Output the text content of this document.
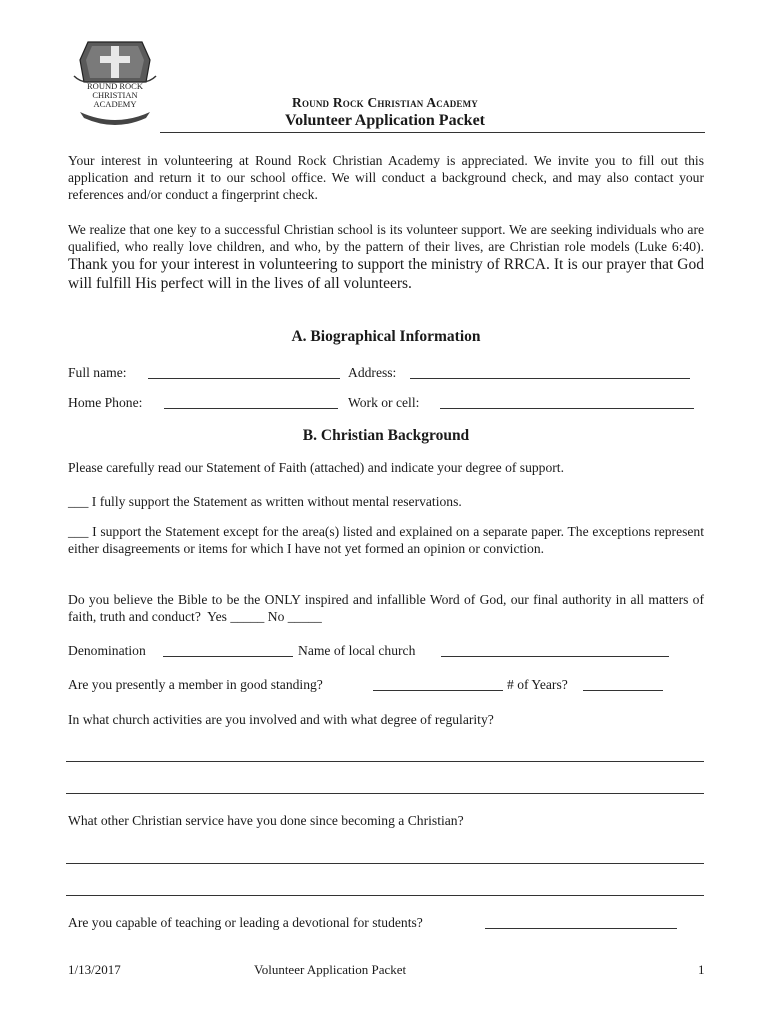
ROUND ROCK
CHRISTIAN
ACADEMY	Round Rock Christian Academy
Volunteer Application Packet

Your interest in volunteering at Round Rock Christian Academy is appreciated. We invite you to fill out this application and return it to our school office. We will conduct a background check, and may also contact your references and/or conduct a fingerprint check.

We realize that one key to a successful Christian school is its volunteer support. We are seeking individuals who are qualified, who really love children, and who, by the pattern of their lives, are Christian role models (Luke 6:40). Thank you for your interest in volunteering to support the ministry of RRCA. It is our prayer that God will fulfill His perfect will in the lives of all volunteers.

A. Biographical Information
Full name:	Address:
Home Phone:	Work or cell:
B. Christian Background

Please carefully read our Statement of Faith (attached) and indicate your degree of support.

___ I fully support the Statement as written without mental reservations.

___ I support the Statement except for the area(s) listed and explained on a separate paper. The exceptions represent either disagreements or items for which I have not yet formed an opinion or conviction.

Do you believe the Bible to be the ONLY inspired and infallible Word of God, our final authority in all matters of faith, truth and conduct? Yes _____ No _____

Denomination	Name of local church
Are you presently a member in good standing?	# of Years?
In what church activities are you involved and with what degree of regularity?
What other Christian service have you done since becoming a Christian?
Are you capable of teaching or leading a devotional for students?
1/13/2017	Volunteer Application Packet	1
